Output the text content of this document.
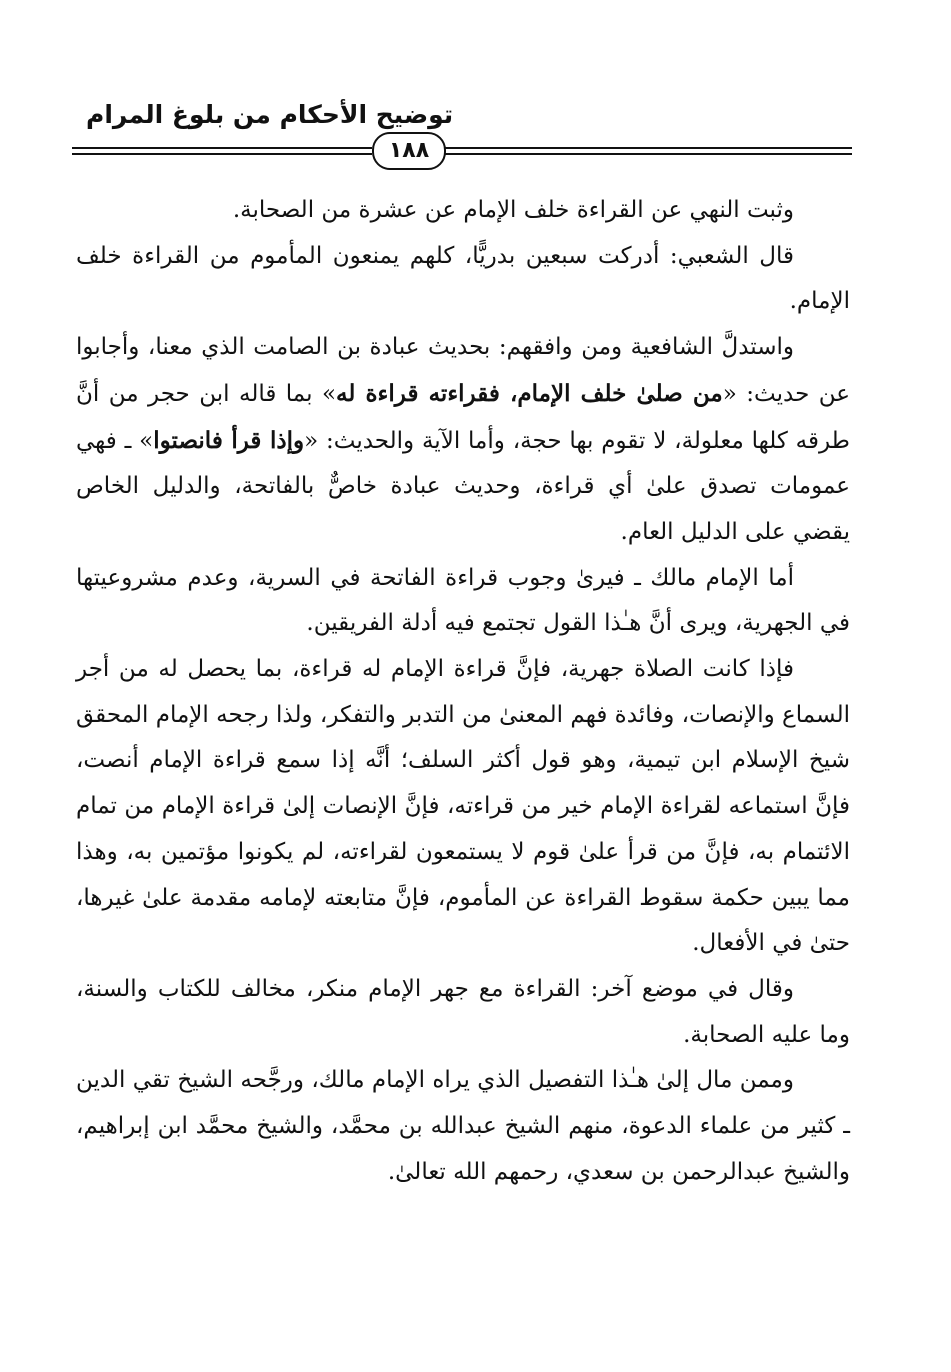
توضيح الأحكام من بلوغ المرام
١٨٨

وثبت النهي عن القراءة خلف الإمام عن عشرة من الصحابة.

قال الشعبي: أدركت سبعين بدريًّا، كلهم يمنعون المأموم من القراءة خلف الإمام.

واستدلَّ الشافعية ومن وافقهم: بحديث عبادة بن الصامت الذي معنا، وأجابوا عن حديث: «من صلىٰ خلف الإمام، فقراءته قراءة له» بما قاله ابن حجر من أنَّ طرقه كلها معلولة، لا تقوم بها حجة، وأما الآية والحديث: «وإذا قرأ فانصتوا» ـ فهي عمومات تصدق علىٰ أي قراءة، وحديث عبادة خاصٌّ بالفاتحة، والدليل الخاص يقضي على الدليل العام.

أما الإمام مالك ـ فيرىٰ وجوب قراءة الفاتحة في السرية، وعدم مشروعيتها في الجهرية، ويرى أنَّ هـٰذا القول تجتمع فيه أدلة الفريقين.

فإذا كانت الصلاة جهرية، فإنَّ قراءة الإمام له قراءة، بما يحصل له من أجر السماع والإنصات، وفائدة فهم المعنىٰ من التدبر والتفكر، ولذا رجحه الإمام المحقق شيخ الإسلام ابن تيمية، وهو قول أكثر السلف؛ أنَّه إذا سمع قراءة الإمام أنصت، فإنَّ استماعه لقراءة الإمام خير من قراءته، فإنَّ الإنصات إلىٰ قراءة الإمام من تمام الائتمام به، فإنَّ من قرأ علىٰ قوم لا يستمعون لقراءته، لم يكونوا مؤتمين به، وهذا مما يبين حكمة سقوط القراءة عن المأموم، فإنَّ متابعته لإمامه مقدمة علىٰ غيرها، حتىٰ في الأفعال.

وقال في موضع آخر: القراءة مع جهر الإمام منكر، مخالف للكتاب والسنة، وما عليه الصحابة.

وممن مال إلىٰ هـٰذا التفصيل الذي يراه الإمام مالك، ورجَّحه الشيخ تقي الدين ـ كثير من علماء الدعوة، منهم الشيخ عبدالله بن محمَّد، والشيخ محمَّد ابن إبراهيم، والشيخ عبدالرحمن بن سعدي، رحمهم الله تعالىٰ.
